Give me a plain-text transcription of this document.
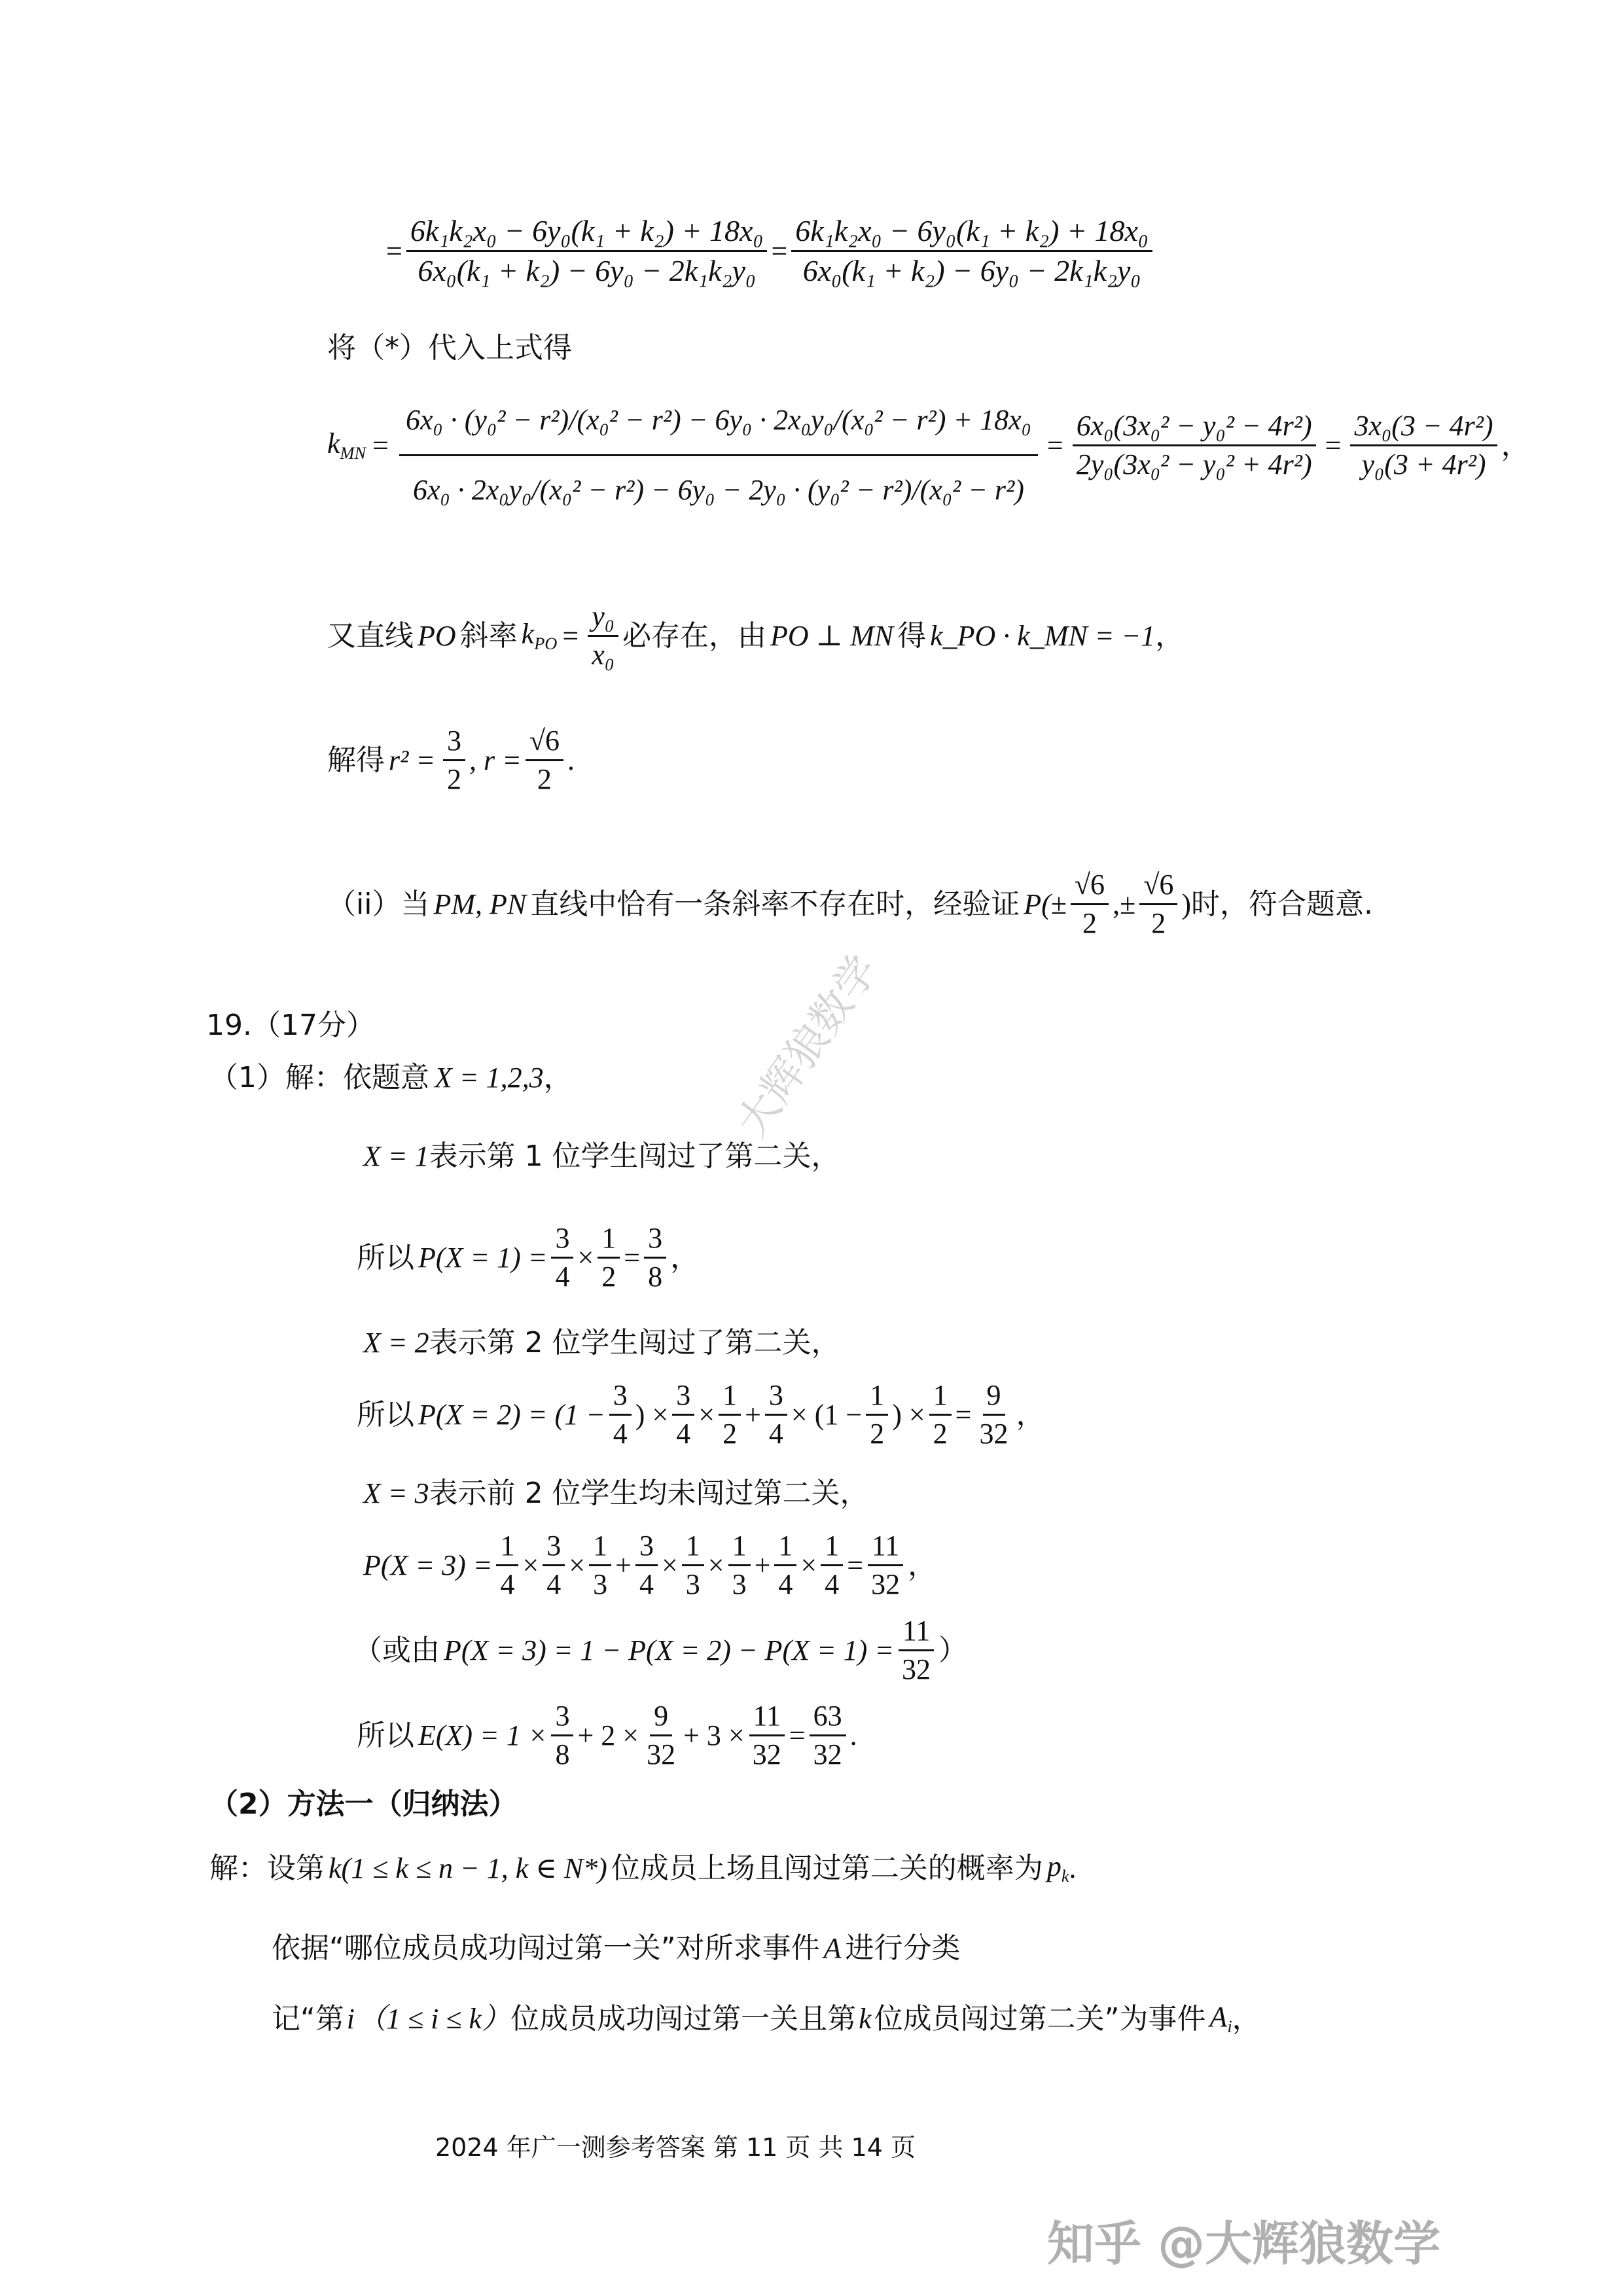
= $\frac{\text{6k₁k₂x₀ − 6y₀(k₁ + k₂) + 18x₀}}{\text{6x₀(k₁ + k₂) − 6y₀ − 2k₁k₂y₀}} = \frac{\text{6k₁k₂x₀ − 6y₀(k₁ + k₂) + 18x₀}}{\text{6x₀(k₁ + k₂) − 6y₀ − 2k₁k₂y₀}}$
将（*）代入上式得
$k_{MN} = \frac{\text{6x₀ · (y₀² − r²)/(x₀² − r²) − 6y₀ · 2x₀y₀/(x₀² − r²) + 18x₀}}{\text{6x₀ · 2x₀y₀/(x₀² − r²) − 6y₀ − 2y₀ · (y₀² − r²)/(x₀² − r²)}} = \frac{\text{6x₀(3x₀² − y₀² − 4r²)}}{\text{2y₀(3x₀² − y₀² + 4r²)}} = \frac{\text{3x₀(3 − 4r²)}}{\text{y₀(3 + 4r²)}}$ ，
又直线 PO 斜率 $k_{PO} = \frac{\text{y₀}}{\text{x₀}}$ 必存在，由 PO ⊥ MN 得 k_PO · k_MN = −1 ，
解得 $r^2 = \frac{3}{2}$ , $r = \frac{√6}{2}$ .
（ii）当 PM, PN 直线中恰有一条斜率不存在时，经验证 $P(\pm \frac{√6}{2}$ ,± $\frac{√6}{2}$ ) 时，符合题意.
19.（17分）
（1）解：依题意 X = 1,2,3 ，
X = 1 表示第 1 位学生闯过了第二关，
所以 $P(X = 1) = \frac{3}{4} \times \frac{1}{2} = \frac{3}{8}$ ，
X = 2 表示第 2 位学生闯过了第二关，
所以 $P(X = 2) = (1 - \frac{3}{4}$ ) × $\frac{3}{4} \times \frac{1}{2} + \frac{3}{4} \times (1 - \frac{1}{2}$ ) × $\frac{1}{2} = \frac{9}{32}$ ，
X = 3 表示前 2 位学生均未闯过第二关，
$P(X = 3) = \frac{1}{4} \times \frac{3}{4} \times \frac{1}{3} + \frac{3}{4} \times \frac{1}{3} \times \frac{1}{3} + \frac{1}{4} \times \frac{1}{4} = \frac{11}{32}$ ，
（或由 $P(X = 3) = 1 - P(X = 2) - P(X = 1) = \frac{11}{32}$ ）
所以 $E(X) = 1 \times \frac{3}{8} + 2 \times \frac{9}{32} + 3 \times \frac{11}{32} = \frac{63}{32}$ .
（2）方法一（归纳法）
解：设第 k(1 ≤ k ≤ n − 1, k ∈ N*) 位成员上场且闯过第二关的概率为 $p_k$ .
依据“哪位成员成功闯过第一关”对所求事件 A 进行分类
记“第 i （1 ≤ i ≤ k） 位成员成功闯过第一关且第 k 位成员闯过第二关”为事件 $A_i$ ，
2024 年广一测参考答案 第 11 页 共 14 页
大辉狼数学
知乎 @大辉狼数学
